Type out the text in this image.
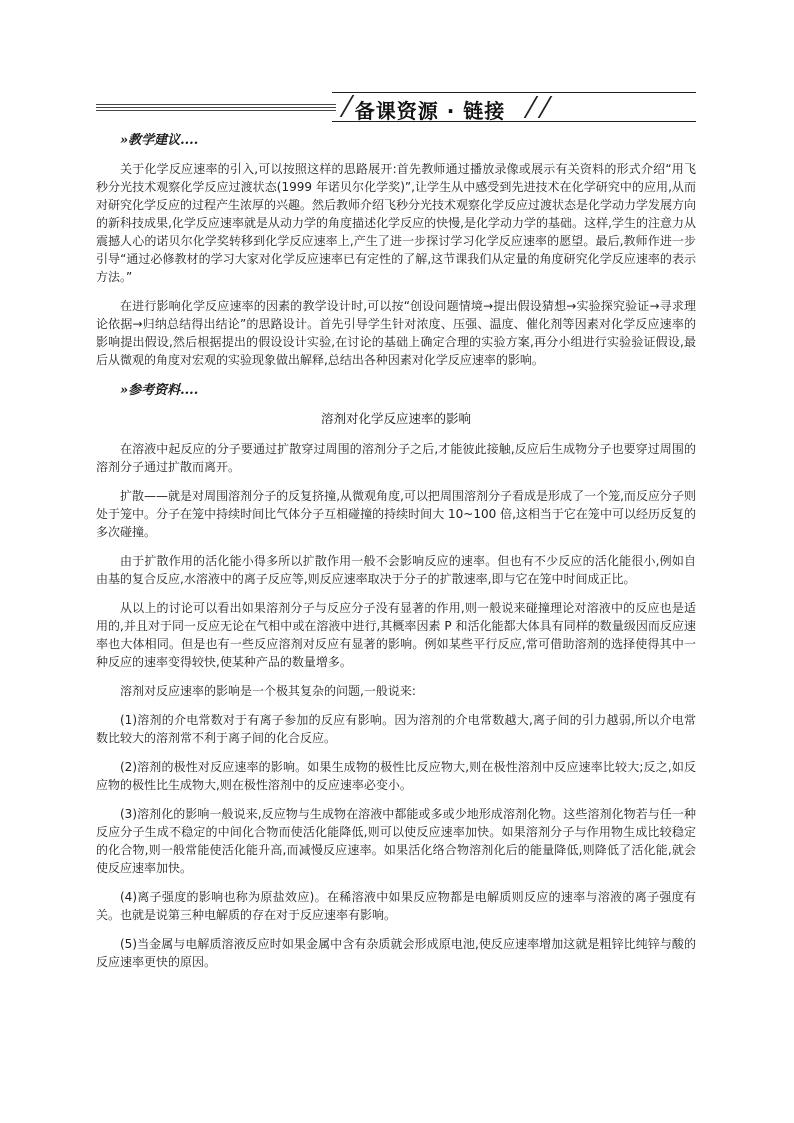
备课资源 · 链接
»教学建议....

关于化学反应速率的引入,可以按照这样的思路展开:首先教师通过播放录像或展示有关资料的形式介绍“用飞秒分光技术观察化学反应过渡状态(1999 年诺贝尔化学奖)”,让学生从中感受到先进技术在化学研究中的应用,从而对研究化学反应的过程产生浓厚的兴趣。然后教师介绍飞秒分光技术观察化学反应过渡状态是化学动力学发展方向的新科技成果,化学反应速率就是从动力学的角度描述化学反应的快慢,是化学动力学的基础。这样,学生的注意力从震撼人心的诺贝尔化学奖转移到化学反应速率上,产生了进一步探讨学习化学反应速率的愿望。最后,教师作进一步引导“通过必修教材的学习大家对化学反应速率已有定性的了解,这节课我们从定量的角度研究化学反应速率的表示方法。”

在进行影响化学反应速率的因素的教学设计时,可以按“创设问题情境→提出假设猜想→实验探究验证→寻求理论依据→归纳总结得出结论”的思路设计。首先引导学生针对浓度、压强、温度、催化剂等因素对化学反应速率的影响提出假设,然后根据提出的假设设计实验,在讨论的基础上确定合理的实验方案,再分小组进行实验验证假设,最后从微观的角度对宏观的实验现象做出解释,总结出各种因素对化学反应速率的影响。

»参考资料....

溶剂对化学反应速率的影响

在溶液中起反应的分子要通过扩散穿过周围的溶剂分子之后,才能彼此接触,反应后生成物分子也要穿过周围的溶剂分子通过扩散而离开。

扩散——就是对周围溶剂分子的反复挤撞,从微观角度,可以把周围溶剂分子看成是形成了一个笼,而反应分子则处于笼中。分子在笼中持续时间比气体分子互相碰撞的持续时间大 10~100 倍,这相当于它在笼中可以经历反复的多次碰撞。

由于扩散作用的活化能小得多所以扩散作用一般不会影响反应的速率。但也有不少反应的活化能很小,例如自由基的复合反应,水溶液中的离子反应等,则反应速率取决于分子的扩散速率,即与它在笼中时间成正比。

从以上的讨论可以看出如果溶剂分子与反应分子没有显著的作用,则一般说来碰撞理论对溶液中的反应也是适用的,并且对于同一反应无论在气相中或在溶液中进行,其概率因素 P 和活化能都大体具有同样的数量级因而反应速率也大体相同。但是也有一些反应溶剂对反应有显著的影响。例如某些平行反应,常可借助溶剂的选择使得其中一种反应的速率变得较快,使某种产品的数量增多。

溶剂对反应速率的影响是一个极其复杂的问题,一般说来:

(1)溶剂的介电常数对于有离子参加的反应有影响。因为溶剂的介电常数越大,离子间的引力越弱,所以介电常数比较大的溶剂常不利于离子间的化合反应。

(2)溶剂的极性对反应速率的影响。如果生成物的极性比反应物大,则在极性溶剂中反应速率比较大;反之,如反应物的极性比生成物大,则在极性溶剂中的反应速率必变小。

(3)溶剂化的影响一般说来,反应物与生成物在溶液中都能或多或少地形成溶剂化物。这些溶剂化物若与任一种反应分子生成不稳定的中间化合物而使活化能降低,则可以使反应速率加快。如果溶剂分子与作用物生成比较稳定的化合物,则一般常能使活化能升高,而减慢反应速率。如果活化络合物溶剂化后的能量降低,则降低了活化能,就会使反应速率加快。

(4)离子强度的影响也称为原盐效应)。在稀溶液中如果反应物都是电解质则反应的速率与溶液的离子强度有关。也就是说第三种电解质的存在对于反应速率有影响。

(5)当金属与电解质溶液反应时如果金属中含有杂质就会形成原电池,使反应速率增加这就是粗锌比纯锌与酸的反应速率更快的原因。
